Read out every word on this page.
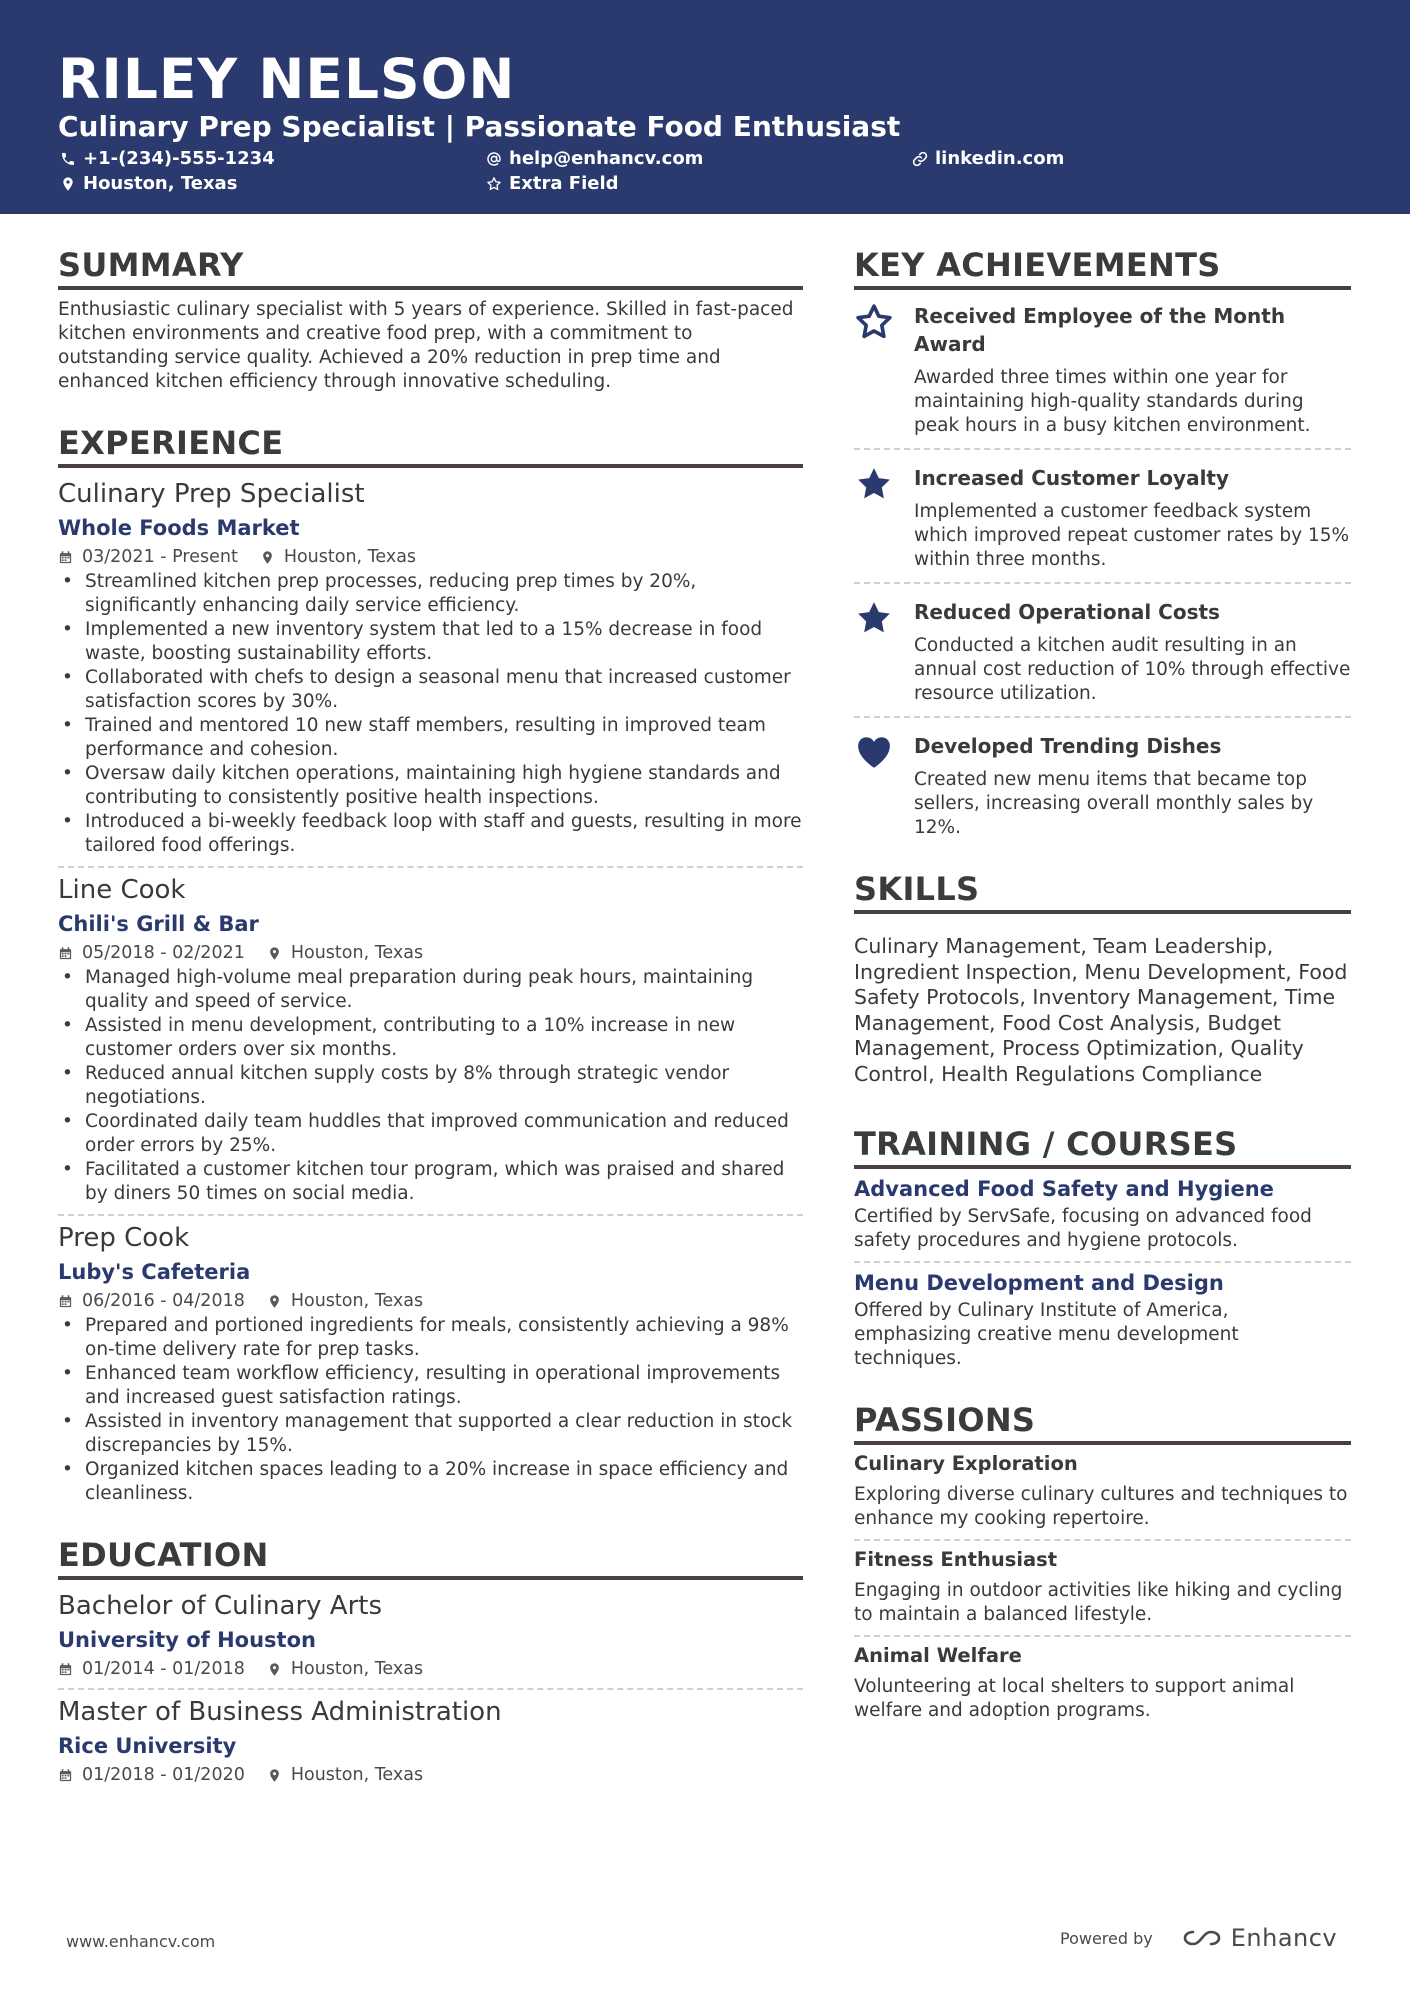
RILEY NELSON
Culinary Prep Specialist | Passionate Food Enthusiast
+1-(234)-555-1234	help@enhancv.com	linkedin.com
Houston, Texas	Extra Field
SUMMARY
Enthusiastic culinary specialist with 5 years of experience. Skilled in fast-paced kitchen environments and creative food prep, with a commitment to outstanding service quality. Achieved a 20% reduction in prep time and enhanced kitchen efficiency through innovative scheduling.
EXPERIENCE
Culinary Prep Specialist
Whole Foods Market
03/2021 - Present	Houston, Texas
• Streamlined kitchen prep processes, reducing prep times by 20%, significantly enhancing daily service efficiency.
• Implemented a new inventory system that led to a 15% decrease in food waste, boosting sustainability efforts.
• Collaborated with chefs to design a seasonal menu that increased customer satisfaction scores by 30%.
• Trained and mentored 10 new staff members, resulting in improved team performance and cohesion.
• Oversaw daily kitchen operations, maintaining high hygiene standards and contributing to consistently positive health inspections.
• Introduced a bi-weekly feedback loop with staff and guests, resulting in more tailored food offerings.
Line Cook
Chili's Grill & Bar
05/2018 - 02/2021	Houston, Texas
• Managed high-volume meal preparation during peak hours, maintaining quality and speed of service.
• Assisted in menu development, contributing to a 10% increase in new customer orders over six months.
• Reduced annual kitchen supply costs by 8% through strategic vendor negotiations.
• Coordinated daily team huddles that improved communication and reduced order errors by 25%.
• Facilitated a customer kitchen tour program, which was praised and shared by diners 50 times on social media.
Prep Cook
Luby's Cafeteria
06/2016 - 04/2018	Houston, Texas
• Prepared and portioned ingredients for meals, consistently achieving a 98% on-time delivery rate for prep tasks.
• Enhanced team workflow efficiency, resulting in operational improvements and increased guest satisfaction ratings.
• Assisted in inventory management that supported a clear reduction in stock discrepancies by 15%.
• Organized kitchen spaces leading to a 20% increase in space efficiency and cleanliness.
EDUCATION
Bachelor of Culinary Arts
University of Houston
01/2014 - 01/2018	Houston, Texas
Master of Business Administration
Rice University
01/2018 - 01/2020	Houston, Texas
KEY ACHIEVEMENTS
Received Employee of the Month Award
Awarded three times within one year for maintaining high-quality standards during peak hours in a busy kitchen environment.
Increased Customer Loyalty
Implemented a customer feedback system which improved repeat customer rates by 15% within three months.
Reduced Operational Costs
Conducted a kitchen audit resulting in an annual cost reduction of 10% through effective resource utilization.
Developed Trending Dishes
Created new menu items that became top sellers, increasing overall monthly sales by 12%.
SKILLS
Culinary Management, Team Leadership, Ingredient Inspection, Menu Development, Food Safety Protocols, Inventory Management, Time Management, Food Cost Analysis, Budget Management, Process Optimization, Quality Control, Health Regulations Compliance
TRAINING / COURSES
Advanced Food Safety and Hygiene
Certified by ServSafe, focusing on advanced food safety procedures and hygiene protocols.
Menu Development and Design
Offered by Culinary Institute of America, emphasizing creative menu development techniques.
PASSIONS
Culinary Exploration
Exploring diverse culinary cultures and techniques to enhance my cooking repertoire.
Fitness Enthusiast
Engaging in outdoor activities like hiking and cycling to maintain a balanced lifestyle.
Animal Welfare
Volunteering at local shelters to support animal welfare and adoption programs.
www.enhancv.com	Powered by	Enhancv
